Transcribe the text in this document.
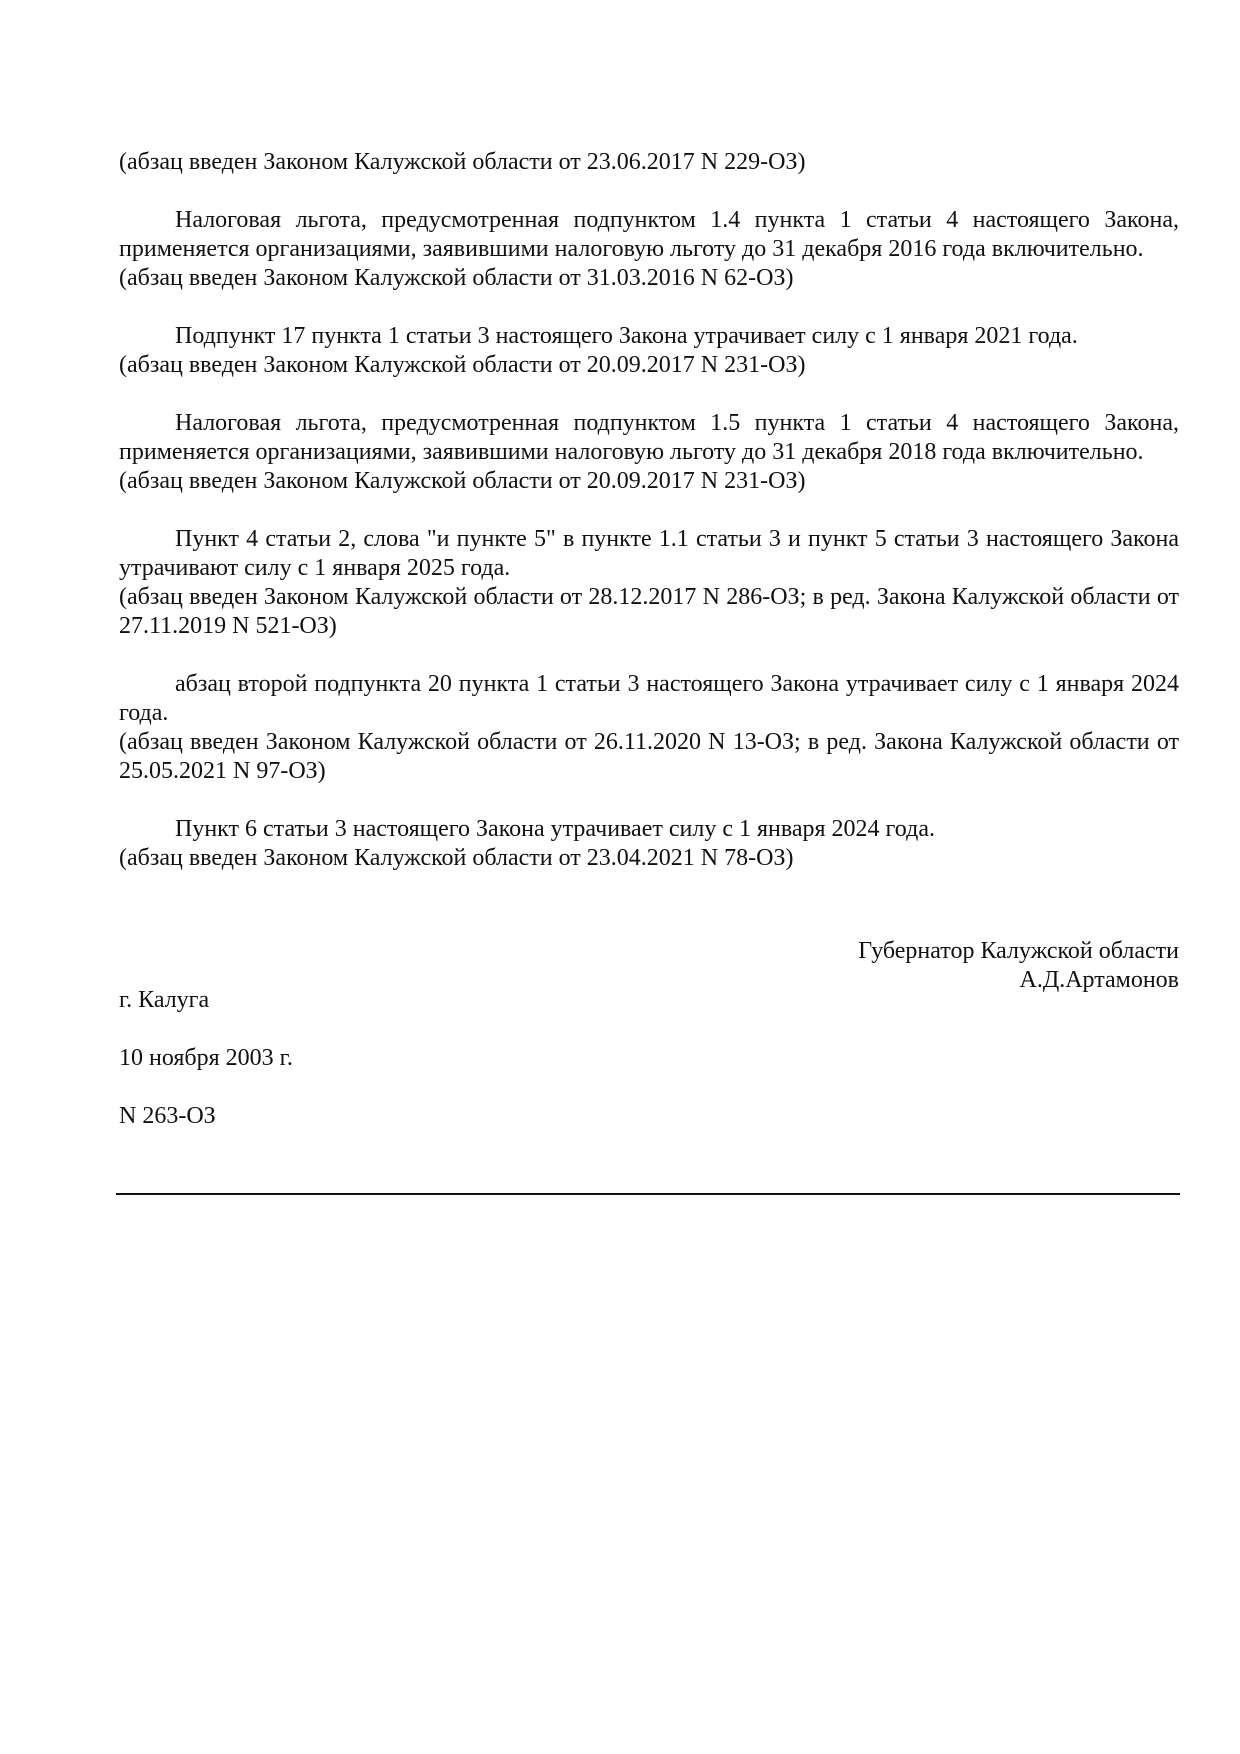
(абзац введен Законом Калужской области от 23.06.2017 N 229-ОЗ)

Налоговая льгота, предусмотренная подпунктом 1.4 пункта 1 статьи 4 настоящего Закона, применяется организациями, заявившими налоговую льготу до 31 декабря 2016 года включительно.

(абзац введен Законом Калужской области от 31.03.2016 N 62-ОЗ)

Подпункт 17 пункта 1 статьи 3 настоящего Закона утрачивает силу с 1 января 2021 года.

(абзац введен Законом Калужской области от 20.09.2017 N 231-ОЗ)

Налоговая льгота, предусмотренная подпунктом 1.5 пункта 1 статьи 4 настоящего Закона, применяется организациями, заявившими налоговую льготу до 31 декабря 2018 года включительно.

(абзац введен Законом Калужской области от 20.09.2017 N 231-ОЗ)

Пункт 4 статьи 2, слова "и пункте 5" в пункте 1.1 статьи 3 и пункт 5 статьи 3 настоящего Закона утрачивают силу с 1 января 2025 года.

(абзац введен Законом Калужской области от 28.12.2017 N 286-ОЗ; в ред. Закона Калужской области от 27.11.2019 N 521-ОЗ)

абзац второй подпункта 20 пункта 1 статьи 3 настоящего Закона утрачивает силу с 1 января 2024 года.

(абзац введен Законом Калужской области от 26.11.2020 N 13-ОЗ; в ред. Закона Калужской области от 25.05.2021 N 97-ОЗ)

Пункт 6 статьи 3 настоящего Закона утрачивает силу с 1 января 2024 года.

(абзац введен Законом Калужской области от 23.04.2021 N 78-ОЗ)

Губернатор Калужской области
А.Д.Артамонов
г. Калуга
10 ноября 2003 г.
N 263-ОЗ
